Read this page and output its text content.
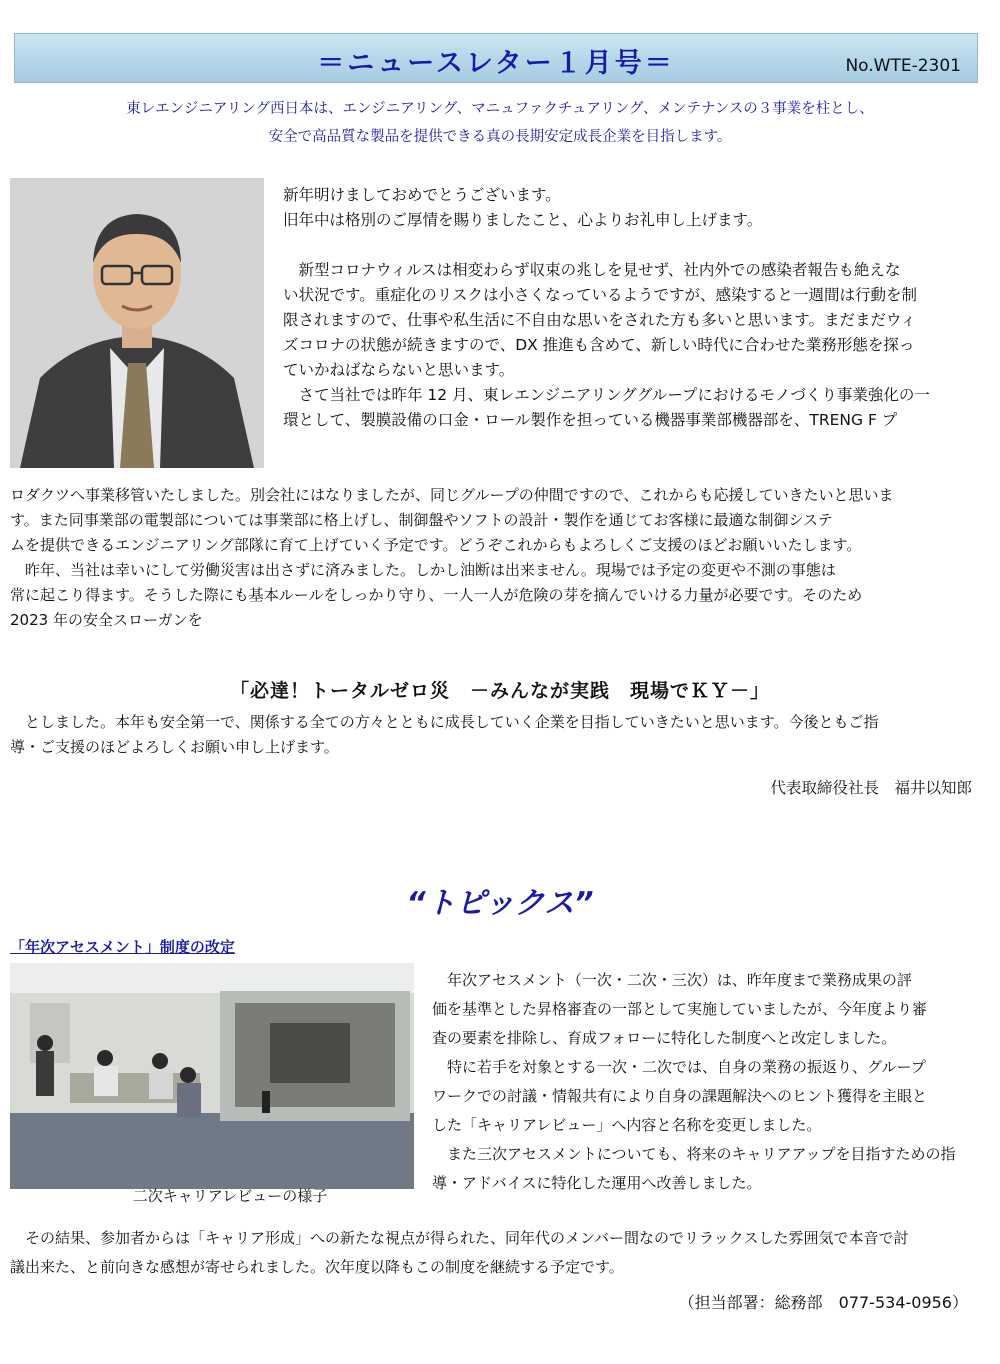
＝ニュースレター１月号＝	No.WTE-2301
東レエンジニアリング西日本は、エンジニアリング、マニュファクチュアリング、メンテナンスの３事業を柱とし、
安全で高品質な製品を提供できる真の長期安定成長企業を目指します。
新年明けましておめでとうございます。
旧年中は格別のご厚情を賜りましたこと、心よりお礼申し上げます。
　新型コロナウィルスは相変わらず収束の兆しを見せず、社内外での感染者報告も絶えな
い状況です。重症化のリスクは小さくなっているようですが、感染すると一週間は行動を制
限されますので、仕事や私生活に不自由な思いをされた方も多いと思います。まだまだウィ
ズコロナの状態が続きますので、DX 推進も含めて、新しい時代に合わせた業務形態を探っ
ていかねばならないと思います。
　さて当社では昨年 12 月、東レエンジニアリンググループにおけるモノづくり事業強化の一
環として、製膜設備の口金・ロール製作を担っている機器事業部機器部を、TRENG F プ
ロダクツへ事業移管いたしました。別会社にはなりましたが、同じグループの仲間ですので、これからも応援していきたいと思いま
す。また同事業部の電製部については事業部に格上げし、制御盤やソフトの設計・製作を通じてお客様に最適な制御システ
ムを提供できるエンジニアリング部隊に育て上げていく予定です。どうぞこれからもよろしくご支援のほどお願いいたします。
　昨年、当社は幸いにして労働災害は出さずに済みました。しかし油断は出来ません。現場では予定の変更や不測の事態は
常に起こり得ます。そうした際にも基本ルールをしっかり守り、一人一人が危険の芽を摘んでいける力量が必要です。そのため
2023 年の安全スローガンを
「必達！トータルゼロ災　－みんなが実践　現場でＫＹ－」
　としました。本年も安全第一で、関係する全ての方々とともに成長していく企業を目指していきたいと思います。今後ともご指
導・ご支援のほどよろしくお願い申し上げます。
代表取締役社長　福井以知郎
“トピックス”
「年次アセスメント」制度の改定
二次キャリアレビューの様子
　年次アセスメント（一次・二次・三次）は、昨年度まで業務成果の評
価を基準とした昇格審査の一部として実施していましたが、今年度より審
査の要素を排除し、育成フォローに特化した制度へと改定しました。
　特に若手を対象とする一次・二次では、自身の業務の振返り、グループ
ワークでの討議・情報共有により自身の課題解決へのヒント獲得を主眼と
した「キャリアレビュー」へ内容と名称を変更しました。
　また三次アセスメントについても、将来のキャリアアップを目指すための指
導・アドバイスに特化した運用へ改善しました。
　その結果、参加者からは「キャリア形成」への新たな視点が得られた、同年代のメンバー間なのでリラックスした雰囲気で本音で討
議出来た、と前向きな感想が寄せられました。次年度以降もこの制度を継続する予定です。
（担当部署：総務部　077-534-0956）
